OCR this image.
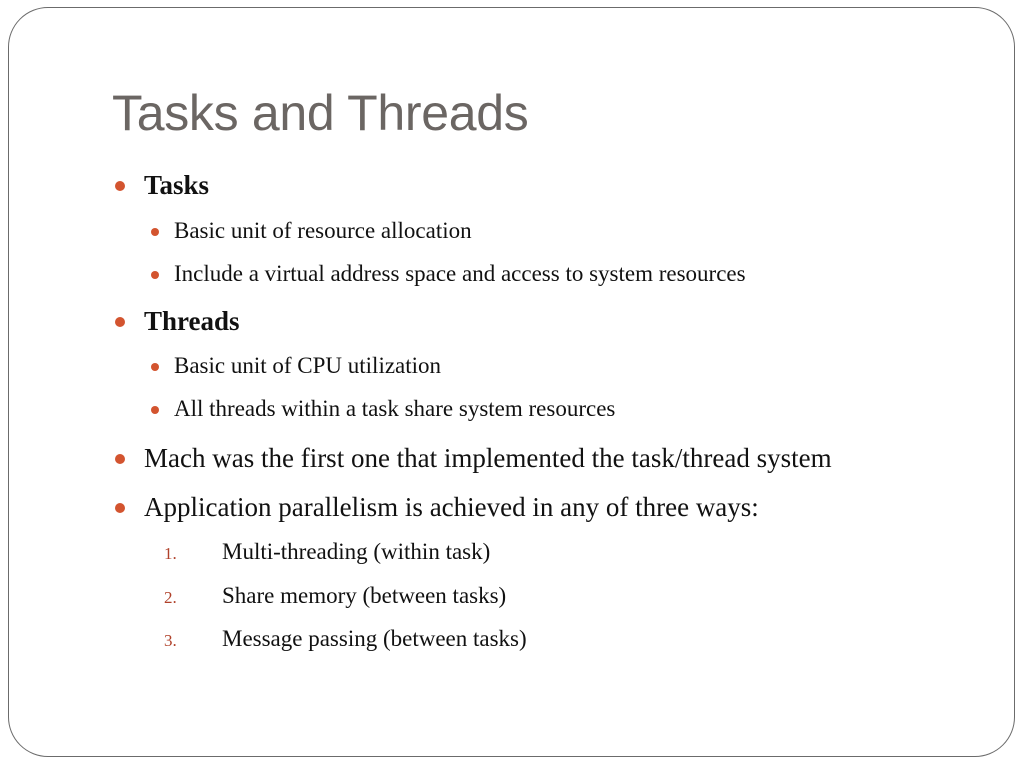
Tasks and Threads
Tasks
Basic unit of resource allocation
Include a virtual address space and access to system resources
Threads
Basic unit of CPU utilization
All threads within a task share system resources
Mach was the first one that implemented the task/thread system
Application parallelism is achieved in any of three ways:
1. Multi-threading (within task)
2. Share memory (between tasks)
3. Message passing (between tasks)
